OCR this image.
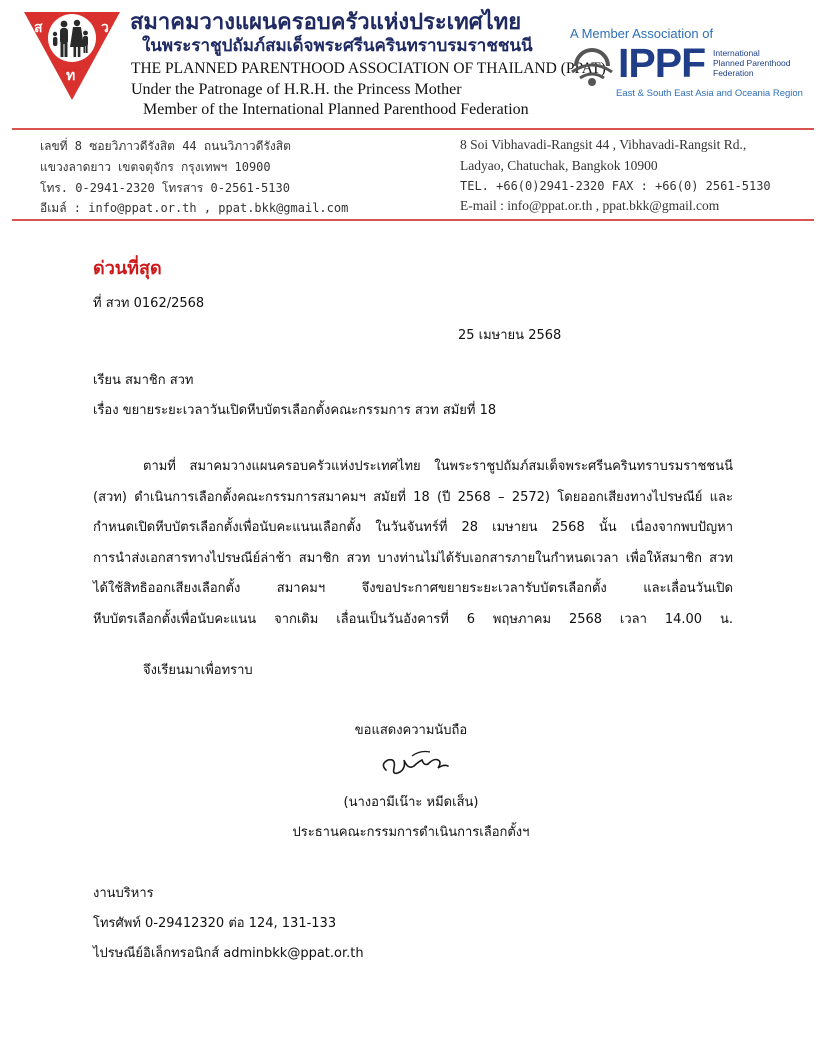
ส	ว
ท
สมาคมวางแผนครอบครัวแห่งประเทศไทย
ในพระราชูปถัมภ์สมเด็จพระศรีนครินทราบรมราชชนนี
THE PLANNED PARENTHOOD ASSOCIATION OF THAILAND (PPAT)
Under the Patronage of H.R.H. the Princess Mother
Member of the International Planned Parenthood Federation
A Member Association of
IPPF International
Planned Parenthood
Federation
East & South East Asia and Oceania Region
เลขที่ 8 ซอยวิภาวดีรังสิต 44 ถนนวิภาวดีรังสิต
แขวงลาดยาว เขตจตุจักร กรุงเทพฯ 10900
โทร. 0-2941-2320 โทรสาร 0-2561-5130
อีเมล์ : info@ppat.or.th , ppat.bkk@gmail.com
8 Soi Vibhavadi-Rangsit 44 , Vibhavadi-Rangsit Rd.,
Ladyao, Chatuchak, Bangkok 10900
TEL. +66(0)2941-2320 FAX : +66(0) 2561-5130
E-mail : info@ppat.or.th , ppat.bkk@gmail.com
ด่วนที่สุด
ที่ สวท 0162/2568
25 เมษายน 2568
เรียน สมาชิก สวท
เรื่อง ขยายระยะเวลาวันเปิดหีบบัตรเลือกตั้งคณะกรรมการ สวท สมัยที่ 18
ตามที่ สมาคมวางแผนครอบครัวแห่งประเทศไทย ในพระราชูปถัมภ์สมเด็จพระศรีนครินทราบรมราชชนนี
(สวท) ดำเนินการเลือกตั้งคณะกรรมการสมาคมฯ สมัยที่ 18 (ปี 2568 – 2572) โดยออกเสียงทางไปรษณีย์ และ
กำหนดเปิดหีบบัตรเลือกตั้งเพื่อนับคะแนนเลือกตั้ง ในวันจันทร์ที่ 28 เมษายน 2568 นั้น เนื่องจากพบปัญหา
การนำส่งเอกสารทางไปรษณีย์ล่าช้า สมาชิก สวท บางท่านไม่ได้รับเอกสารภายในกำหนดเวลา เพื่อให้สมาชิก สวท
ได้ใช้สิทธิออกเสียงเลือกตั้ง สมาคมฯ จึงขอประกาศขยายระยะเวลารับบัตรเลือกตั้ง และเลื่อนวันเปิด
หีบบัตรเลือกตั้งเพื่อนับคะแนน จากเดิม เลื่อนเป็นวันอังคารที่ 6 พฤษภาคม 2568 เวลา 14.00 น.
จึงเรียนมาเพื่อทราบ
ขอแสดงความนับถือ
(นางอามีเน๊าะ หมีดเส็น)
ประธานคณะกรรมการดำเนินการเลือกตั้งฯ
งานบริหาร
โทรศัพท์ 0-29412320 ต่อ 124, 131-133
ไปรษณีย์อิเล็กทรอนิกส์ adminbkk@ppat.or.th
